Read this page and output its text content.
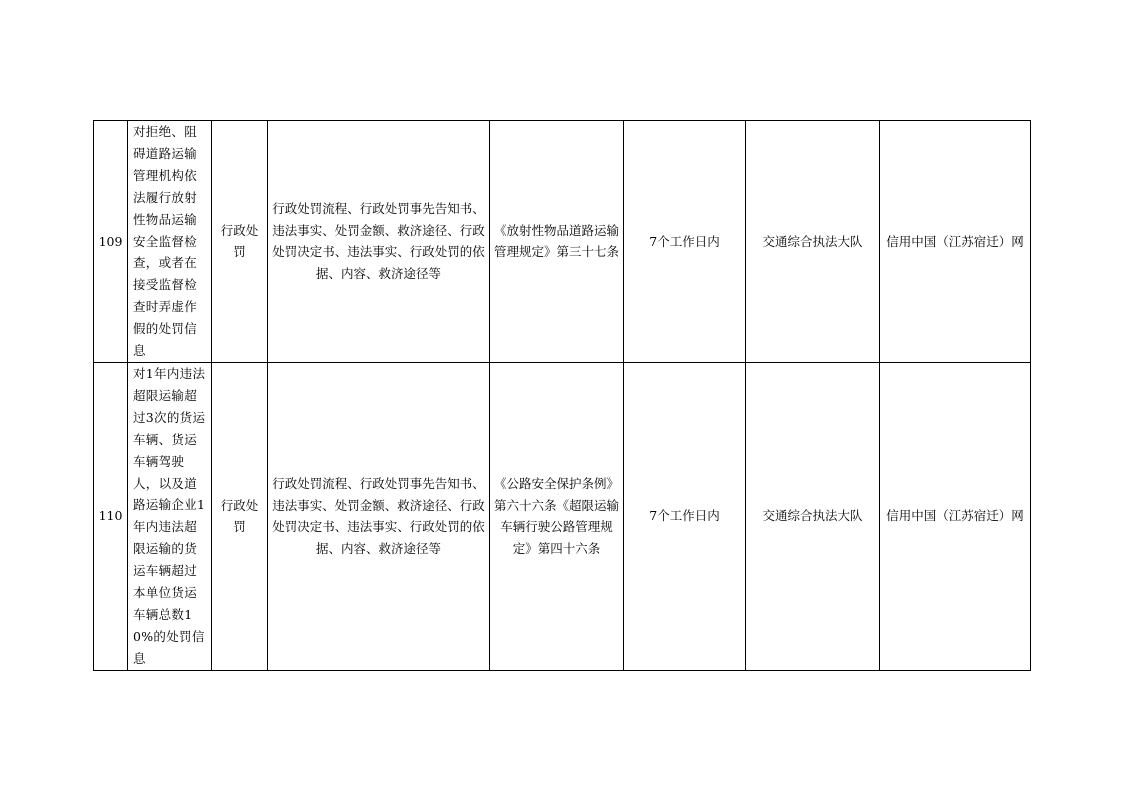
109	对拒绝、阻碍道路运输管理机构依法履行放射性物品运输安全监督检查，或者在接受监督检查时弄虚作假的处罚信息	行政处罚	行政处罚流程、行政处罚事先告知书、违法事实、处罚金额、救济途径、行政处罚决定书、违法事实、行政处罚的依据、内容、救济途径等	《放射性物品道路运输管理规定》第三十七条	7个工作日内	交通综合执法大队	信用中国（江苏宿迁）网
110	对1年内违法超限运输超过3次的货运车辆、货运车辆驾驶人，以及道路运输企业1年内违法超限运输的货运车辆超过本单位货运车辆总数10%的处罚信息	行政处罚	行政处罚流程、行政处罚事先告知书、违法事实、处罚金额、救济途径、行政处罚决定书、违法事实、行政处罚的依据、内容、救济途径等	《公路安全保护条例》第六十六条《超限运输车辆行驶公路管理规定》第四十六条	7个工作日内	交通综合执法大队	信用中国（江苏宿迁）网
